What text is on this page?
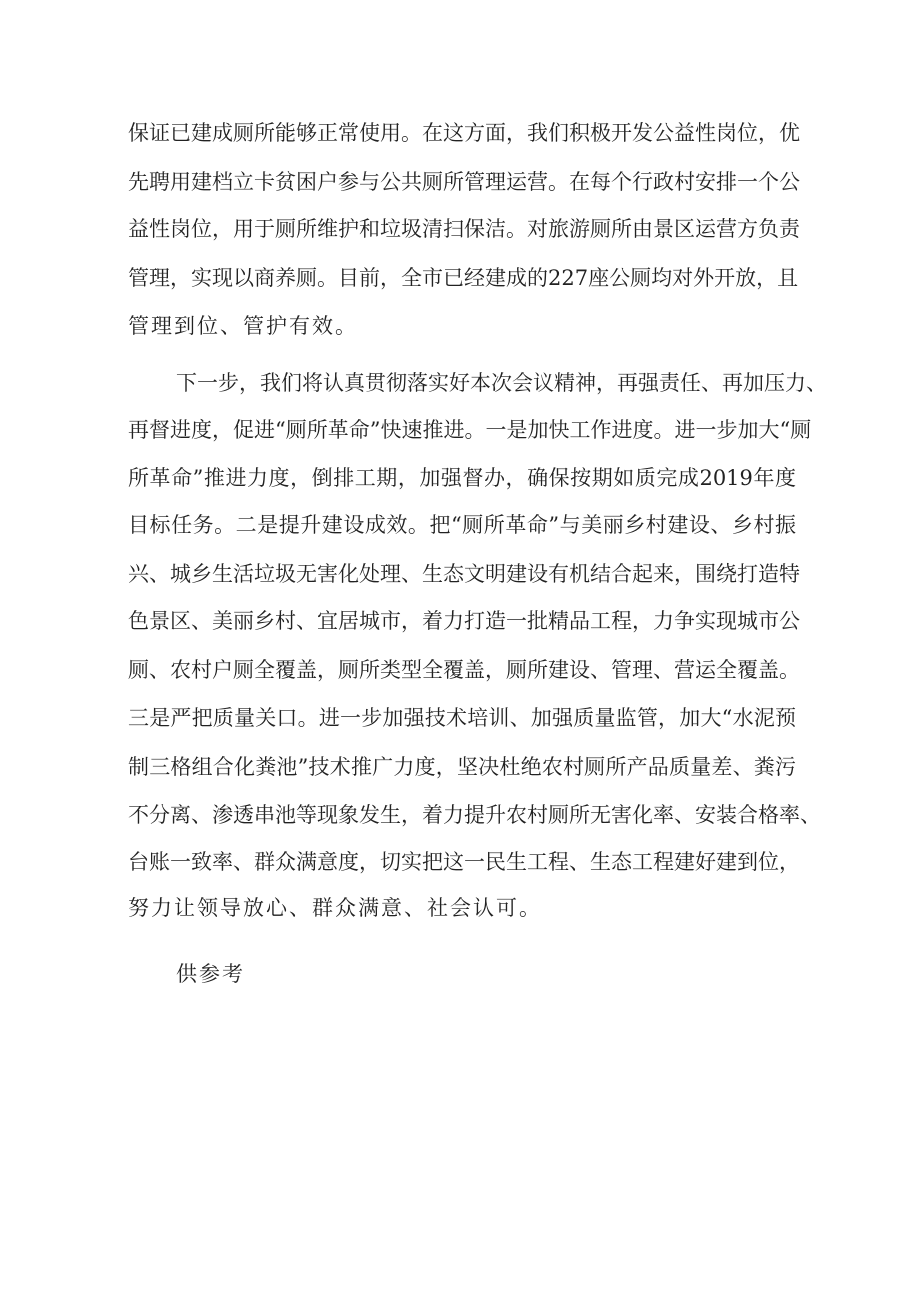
保证已建成厕所能够正常使用。在这方面，我们积极开发公益性岗位，优
先聘用建档立卡贫困户参与公共厕所管理运营。在每个行政村安排一个公
益性岗位，用于厕所维护和垃圾清扫保洁。对旅游厕所由景区运营方负责
管理，实现以商养厕。目前，全市已经建成的227座公厕均对外开放，且
管理到位、管护有效。
下一步，我们将认真贯彻落实好本次会议精神，再强责任、再加压力、
再督进度，促进“厕所革命”快速推进。一是加快工作进度。进一步加大“厕
所革命”推进力度，倒排工期，加强督办，确保按期如质完成2019年度
目标任务。二是提升建设成效。把“厕所革命”与美丽乡村建设、乡村振
兴、城乡生活垃圾无害化处理、生态文明建设有机结合起来，围绕打造特
色景区、美丽乡村、宜居城市，着力打造一批精品工程，力争实现城市公
厕、农村户厕全覆盖，厕所类型全覆盖，厕所建设、管理、营运全覆盖。
三是严把质量关口。进一步加强技术培训、加强质量监管，加大“水泥预
制三格组合化粪池”技术推广力度，坚决杜绝农村厕所产品质量差、粪污
不分离、渗透串池等现象发生，着力提升农村厕所无害化率、安装合格率、
台账一致率、群众满意度，切实把这一民生工程、生态工程建好建到位，
努力让领导放心、群众满意、社会认可。
供参考
